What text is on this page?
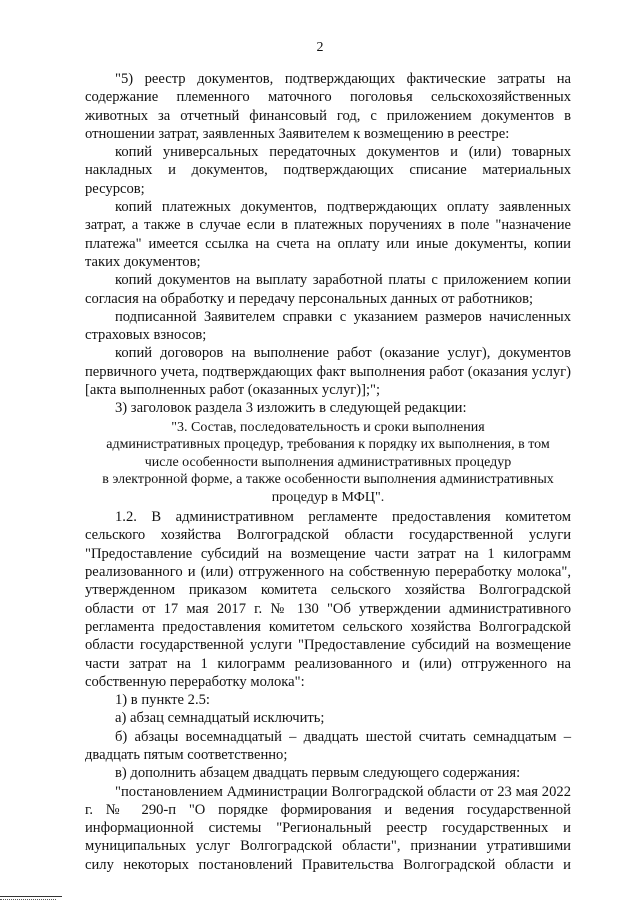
2

"5) реестр документов, подтверждающих фактические затраты на содержание племенного маточного поголовья сельскохозяйственных животных за отчетный финансовый год, с приложением документов в отношении затрат, заявленных Заявителем к возмещению в реестре:

копий универсальных передаточных документов и (или) товарных накладных и документов, подтверждающих списание материальных ресурсов;

копий платежных документов, подтверждающих оплату заявленных затрат, а также в случае если в платежных поручениях в поле "назначение платежа" имеется ссылка на счета на оплату или иные документы, копии таких документов;

копий документов на выплату заработной платы с приложением копии согласия на обработку и передачу персональных данных от работников;

подписанной Заявителем справки с указанием размеров начисленных страховых взносов;

копий договоров на выполнение работ (оказание услуг), документов первичного учета, подтверждающих факт выполнения работ (оказания услуг) [акта выполненных работ (оказанных услуг)];";

3) заголовок раздела 3 изложить в следующей редакции:

"3. Состав, последовательность и сроки выполнения

административных процедур, требования к порядку их выполнения, в том

числе особенности выполнения административных процедур

в электронной форме, а также особенности выполнения административных

процедур в МФЦ".

1.2. В административном регламенте предоставления комитетом сельского хозяйства Волгоградской области государственной услуги "Предоставление субсидий на возмещение части затрат на 1 килограмм реализованного и (или) отгруженного на собственную переработку молока", утвержденном приказом комитета сельского хозяйства Волгоградской области от 17 мая 2017 г. № 130 "Об утверждении административного регламента предоставления комитетом сельского хозяйства Волгоградской области государственной услуги "Предоставление субсидий на возмещение части затрат на 1 килограмм реализованного и (или) отгруженного на собственную переработку молока":

1) в пункте 2.5:

а) абзац семнадцатый исключить;

б) абзацы восемнадцатый – двадцать шестой считать семнадцатым – двадцать пятым соответственно;

в) дополнить абзацем двадцать первым следующего содержания:

"постановлением Администрации Волгоградской области от 23 мая 2022 г. № 290-п "О порядке формирования и ведения государственной информационной системы "Региональный реестр государственных и муниципальных услуг Волгоградской области", признании утратившими силу некоторых постановлений Правительства Волгоградской области и
